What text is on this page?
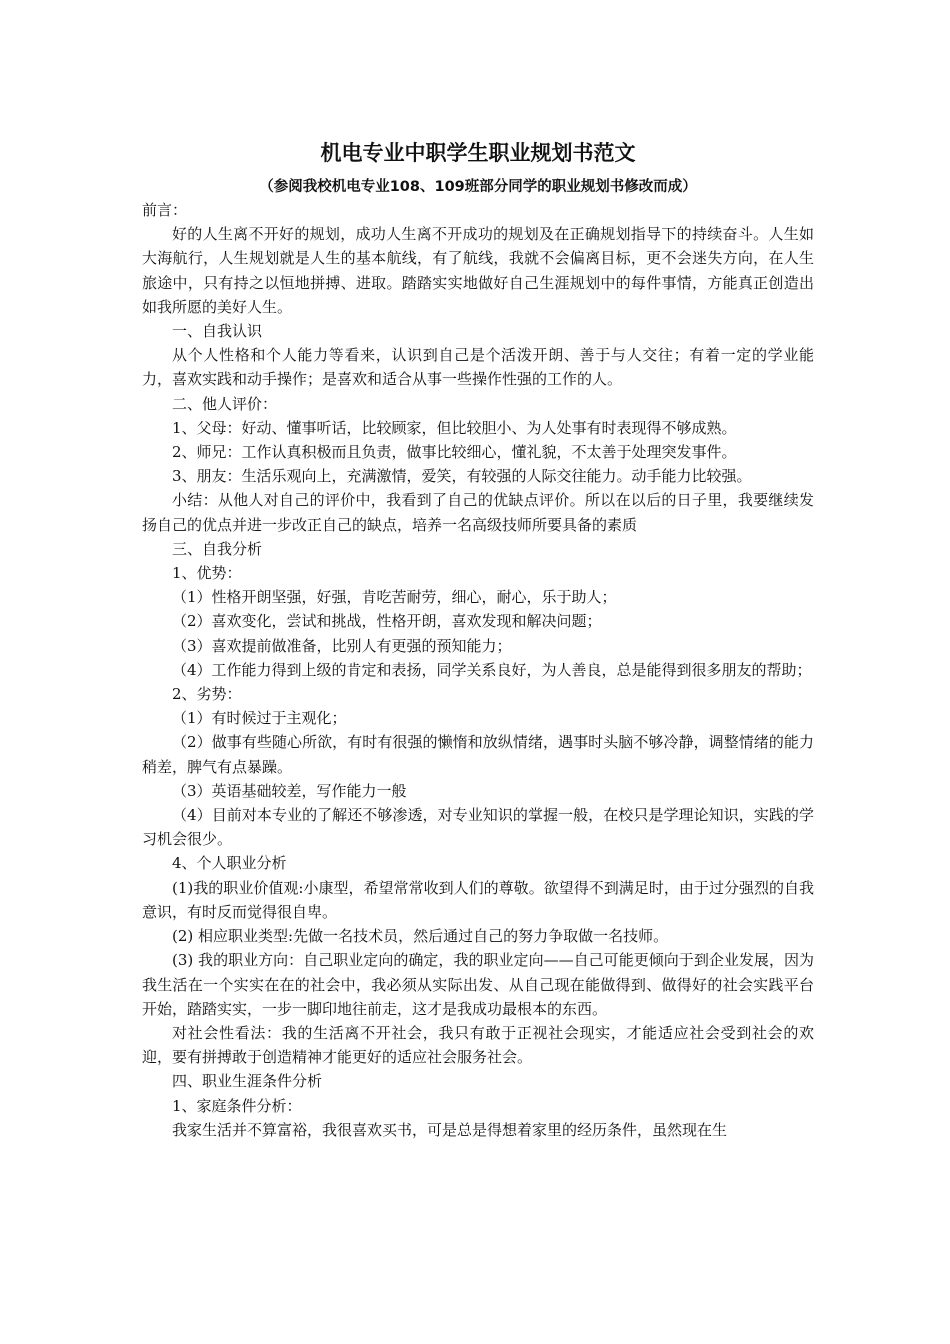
机电专业中职学生职业规划书范文

（参阅我校机电专业108、109班部分同学的职业规划书修改而成）

前言：

好的人生离不开好的规划，成功人生离不开成功的规划及在正确规划指导下的持续奋斗。人生如大海航行，人生规划就是人生的基本航线，有了航线，我就不会偏离目标，更不会迷失方向，在人生旅途中，只有持之以恒地拼搏、进取。踏踏实实地做好自己生涯规划中的每件事情，方能真正创造出如我所愿的美好人生。

一、自我认识

从个人性格和个人能力等看来，认识到自己是个活泼开朗、善于与人交往；有着一定的学业能力，喜欢实践和动手操作；是喜欢和适合从事一些操作性强的工作的人。

二、他人评价：

1、父母：好动、懂事听话，比较顾家，但比较胆小、为人处事有时表现得不够成熟。

2、师兄：工作认真积极而且负责，做事比较细心，懂礼貌，不太善于处理突发事件。

3、朋友：生活乐观向上，充满激情，爱笑，有较强的人际交往能力。动手能力比较强。

小结：从他人对自己的评价中，我看到了自己的优缺点评价。所以在以后的日子里，我要继续发扬自己的优点并进一步改正自己的缺点，培养一名高级技师所要具备的素质

三、自我分析

1、优势：

（1）性格开朗坚强，好强，肯吃苦耐劳，细心，耐心，乐于助人；

（2）喜欢变化，尝试和挑战，性格开朗，喜欢发现和解决问题；

（3）喜欢提前做准备，比别人有更强的预知能力；

（4）工作能力得到上级的肯定和表扬，同学关系良好，为人善良，总是能得到很多朋友的帮助；

2、劣势：

（1）有时候过于主观化；

（2）做事有些随心所欲，有时有很强的懒惰和放纵情绪，遇事时头脑不够冷静，调整情绪的能力稍差，脾气有点暴躁。

（3）英语基础较差，写作能力一般

（4）目前对本专业的了解还不够渗透，对专业知识的掌握一般，在校只是学理论知识，实践的学习机会很少。

4、个人职业分析

(1)我的职业价值观:小康型，希望常常收到人们的尊敬。欲望得不到满足时，由于过分强烈的自我意识，有时反而觉得很自卑。

(2) 相应职业类型:先做一名技术员，然后通过自己的努力争取做一名技师。

(3) 我的职业方向：自己职业定向的确定，我的职业定向——自己可能更倾向于到企业发展，因为我生活在一个实实在在的社会中，我必须从实际出发、从自己现在能做得到、做得好的社会实践平台开始，踏踏实实，一步一脚印地往前走，这才是我成功最根本的东西。

对社会性看法：我的生活离不开社会，我只有敢于正视社会现实，才能适应社会受到社会的欢迎，要有拼搏敢于创造精神才能更好的适应社会服务社会。

四、职业生涯条件分析

1、家庭条件分析：

我家生活并不算富裕，我很喜欢买书，可是总是得想着家里的经历条件，虽然现在生
